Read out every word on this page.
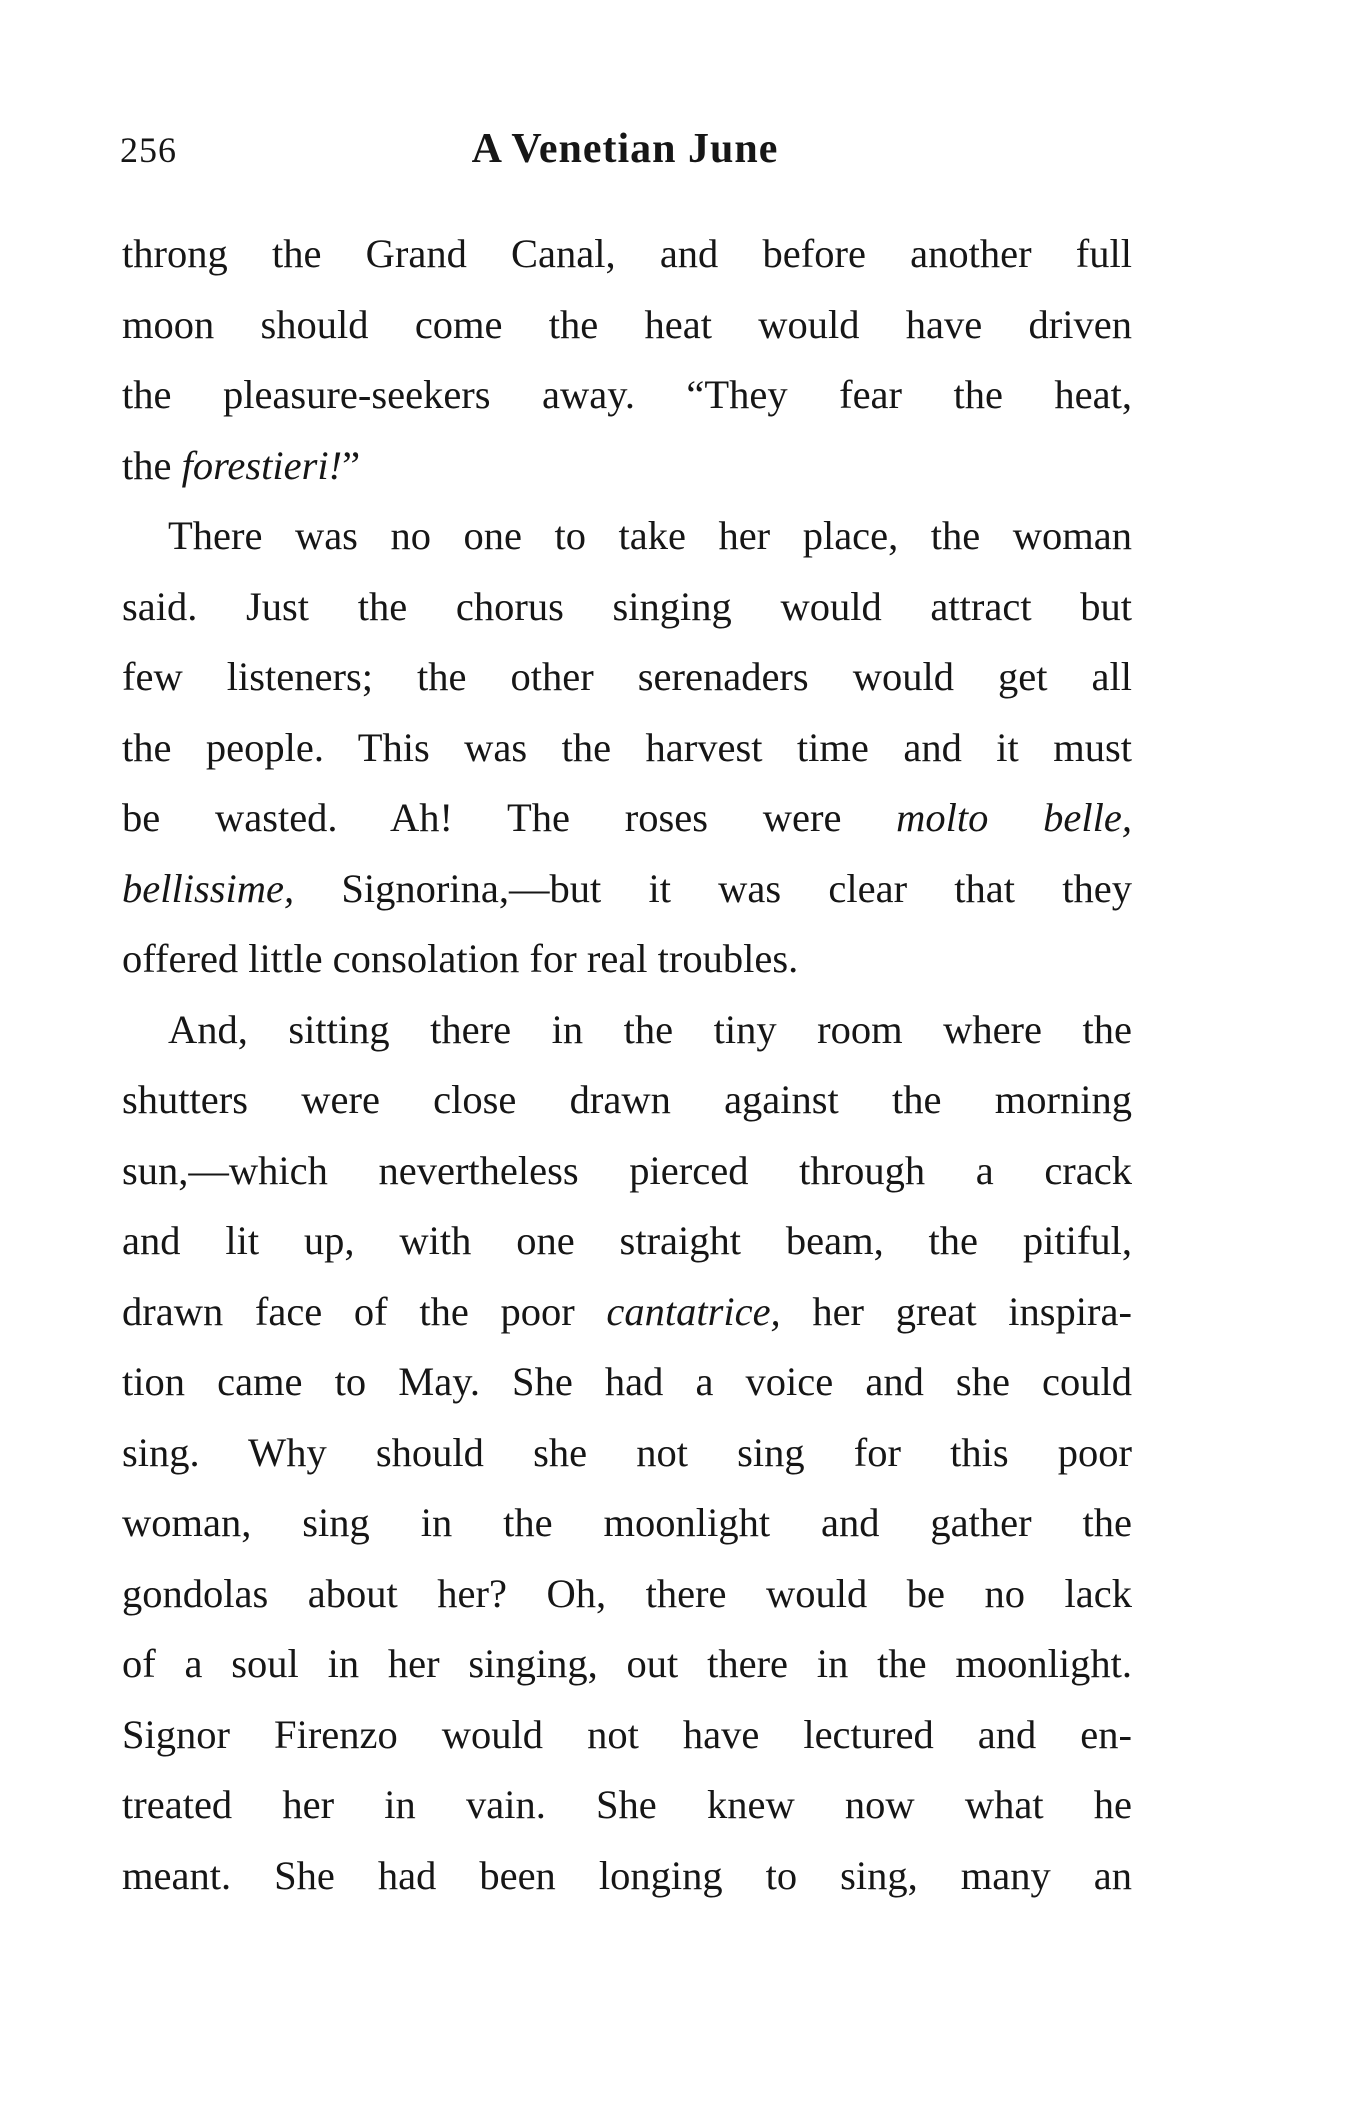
256	A Venetian June
throng the Grand Canal, and before another full
moon should come the heat would have driven
the pleasure-seekers away. “They fear the heat,
the forestieri!”
There was no one to take her place, the woman
said. Just the chorus singing would attract but
few listeners; the other serenaders would get all
the people. This was the harvest time and it must
be wasted. Ah! The roses were molto belle,
bellissime, Signorina,—but it was clear that they
offered little consolation for real troubles.
And, sitting there in the tiny room where the
shutters were close drawn against the morning
sun,—which nevertheless pierced through a crack
and lit up, with one straight beam, the pitiful,
drawn face of the poor cantatrice, her great inspira-
tion came to May. She had a voice and she could
sing. Why should she not sing for this poor
woman, sing in the moonlight and gather the
gondolas about her? Oh, there would be no lack
of a soul in her singing, out there in the moonlight.
Signor Firenzo would not have lectured and en-
treated her in vain. She knew now what he
meant. She had been longing to sing, many an
